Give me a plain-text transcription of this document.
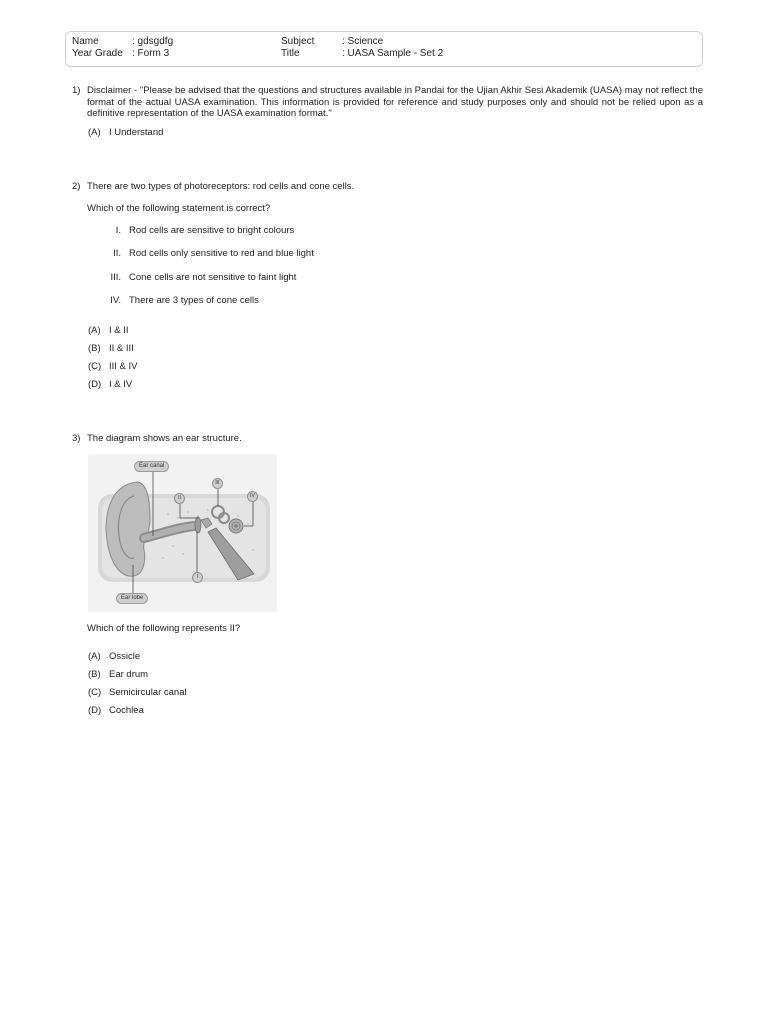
Name	: gdsgdfg
Year Grade : Form 3
Subject	: Science
Title	: UASA Sample - Set 2
1) Disclaimer - "Please be advised that the questions and structures available in Pandai for the Ujian Akhir Sesi Akademik (UASA) may not reflect the format of the actual UASA examination. This information is provided for reference and study purposes only and should not be relied upon as a definitive representation of the UASA examination format."
(A) I Understand
2) There are two types of photoreceptors: rod cells and cone cells.
Which of the following statement is correct?
I. Rod cells are sensitive to bright colours
II. Rod cells only sensitive to red and blue light
III. Cone cells are not sensitive to faint light
IV. There are 3 types of cone cells
(A) I & II
(B) II & III
(C) III & IV
(D) I & IV
3) The diagram shows an ear structure.
Ear canal
Ear lobe
II
III
IV
I
Which of the following represents II?
(A) Ossicle
(B) Ear drum
(C) Semicircular canal
(D) Cochlea
